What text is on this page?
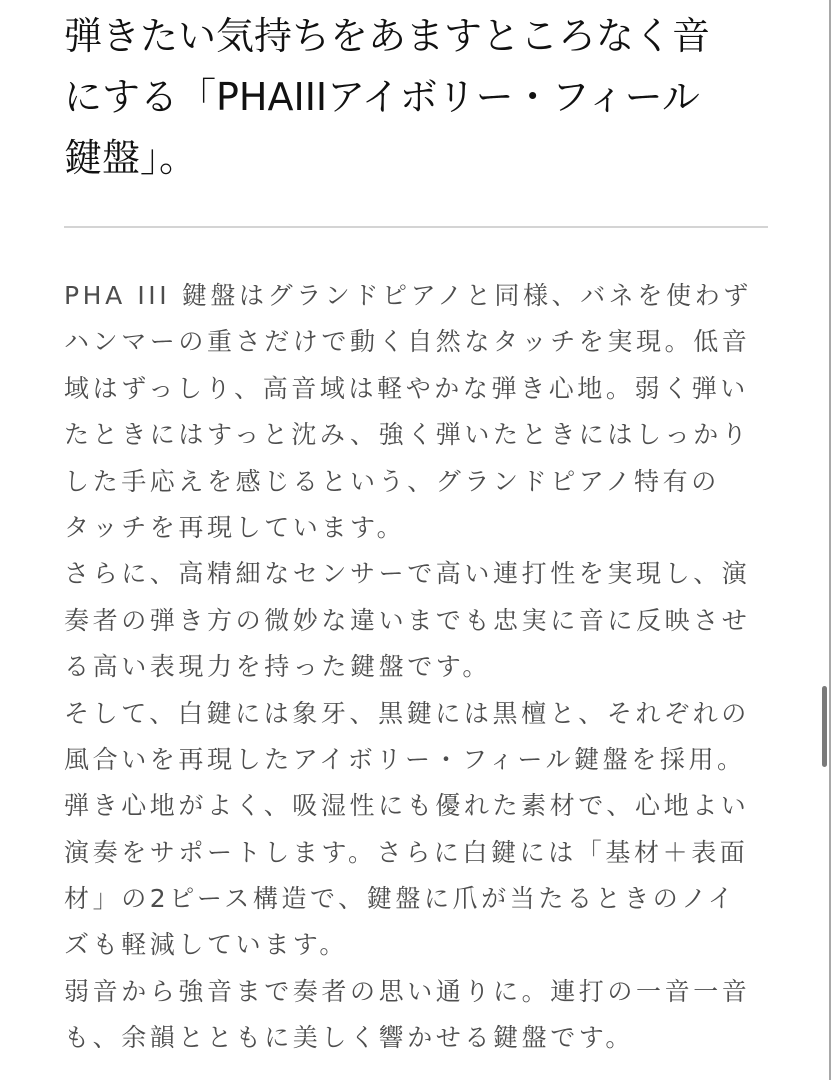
弾きたい気持ちをあますところなく音
にする「PHAIIIアイボリー・フィール
鍵盤」。
PHA III 鍵盤はグランドピアノと同様、バネを使わず
ハンマーの重さだけで動く自然なタッチを実現。低音
域はずっしり、高音域は軽やかな弾き心地。弱く弾い
たときにはすっと沈み、強く弾いたときにはしっかり
した手応えを感じるという、グランドピアノ特有の
タッチを再現しています。
さらに、高精細なセンサーで高い連打性を実現し、演
奏者の弾き方の微妙な違いまでも忠実に音に反映させ
る高い表現力を持った鍵盤です。
そして、白鍵には象牙、黒鍵には黒檀と、それぞれの
風合いを再現したアイボリー・フィール鍵盤を採用。
弾き心地がよく、吸湿性にも優れた素材で、心地よい
演奏をサポートします。さらに白鍵には「基材＋表面
材」の2ピース構造で、鍵盤に爪が当たるときのノイ
ズも軽減しています。
弱音から強音まで奏者の思い通りに。連打の一音一音
も、余韻とともに美しく響かせる鍵盤です。
